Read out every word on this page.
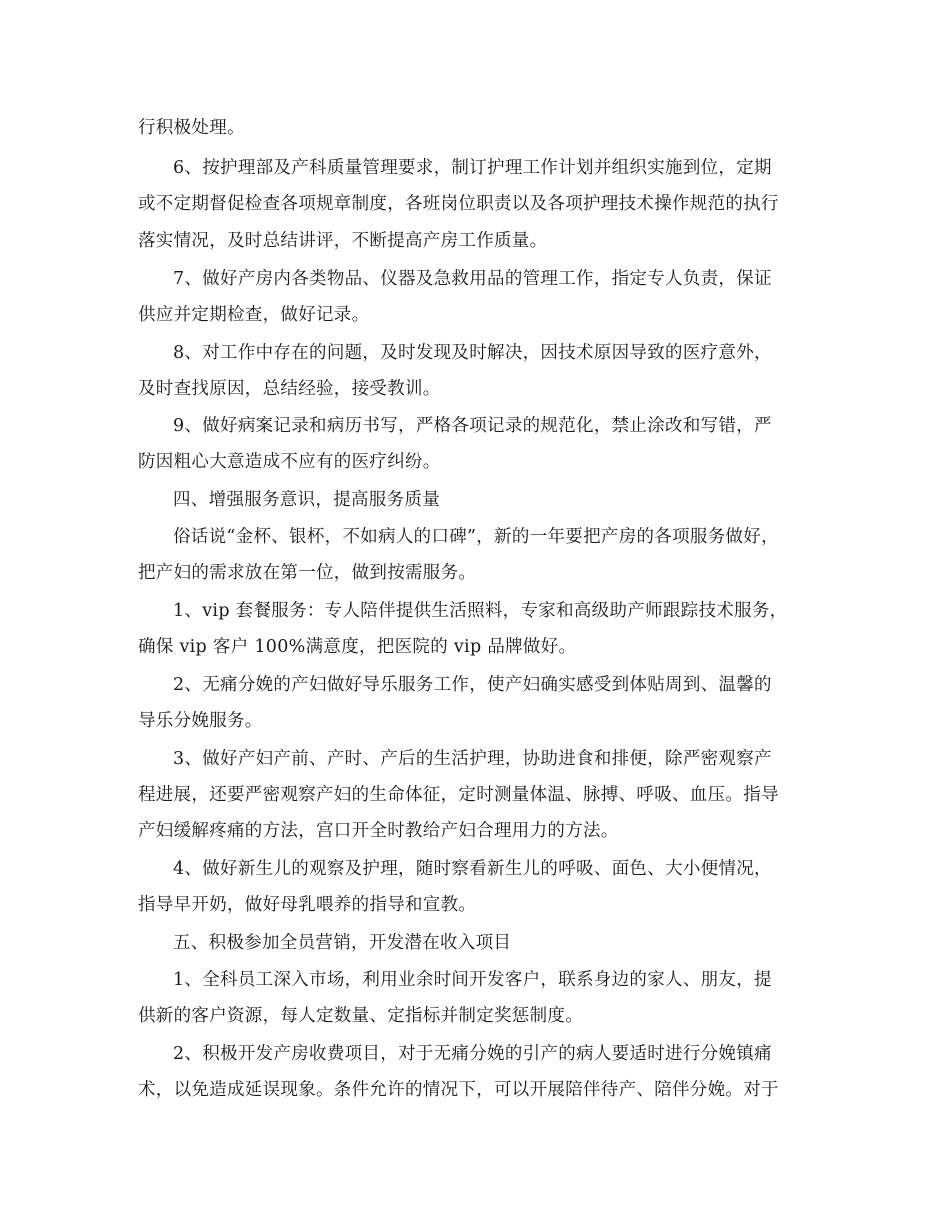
行积极处理。
6、按护理部及产科质量管理要求，制订护理工作计划并组织实施到位，定期
或不定期督促检查各项规章制度，各班岗位职责以及各项护理技术操作规范的执行
落实情况，及时总结讲评，不断提高产房工作质量。
7、做好产房内各类物品、仪器及急救用品的管理工作，指定专人负责，保证
供应并定期检查，做好记录。
8、对工作中存在的问题，及时发现及时解决，因技术原因导致的医疗意外，
及时查找原因，总结经验，接受教训。
9、做好病案记录和病历书写，严格各项记录的规范化，禁止涂改和写错，严
防因粗心大意造成不应有的医疗纠纷。
四、增强服务意识，提高服务质量
俗话说“金杯、银杯，不如病人的口碑”，新的一年要把产房的各项服务做好，
把产妇的需求放在第一位，做到按需服务。
1、vip 套餐服务：专人陪伴提供生活照料，专家和高级助产师跟踪技术服务，
确保 vip 客户 100%满意度，把医院的 vip 品牌做好。
2、无痛分娩的产妇做好导乐服务工作，使产妇确实感受到体贴周到、温馨的
导乐分娩服务。
3、做好产妇产前、产时、产后的生活护理，协助进食和排便，除严密观察产
程进展，还要严密观察产妇的生命体征，定时测量体温、脉搏、呼吸、血压。指导
产妇缓解疼痛的方法，宫口开全时教给产妇合理用力的方法。
4、做好新生儿的观察及护理，随时察看新生儿的呼吸、面色、大小便情况，
指导早开奶，做好母乳喂养的指导和宣教。
五、积极参加全员营销，开发潜在收入项目
1、全科员工深入市场，利用业余时间开发客户，联系身边的家人、朋友，提
供新的客户资源，每人定数量、定指标并制定奖惩制度。
2、积极开发产房收费项目，对于无痛分娩的引产的病人要适时进行分娩镇痛
术，以免造成延误现象。条件允许的情况下，可以开展陪伴待产、陪伴分娩。对于
